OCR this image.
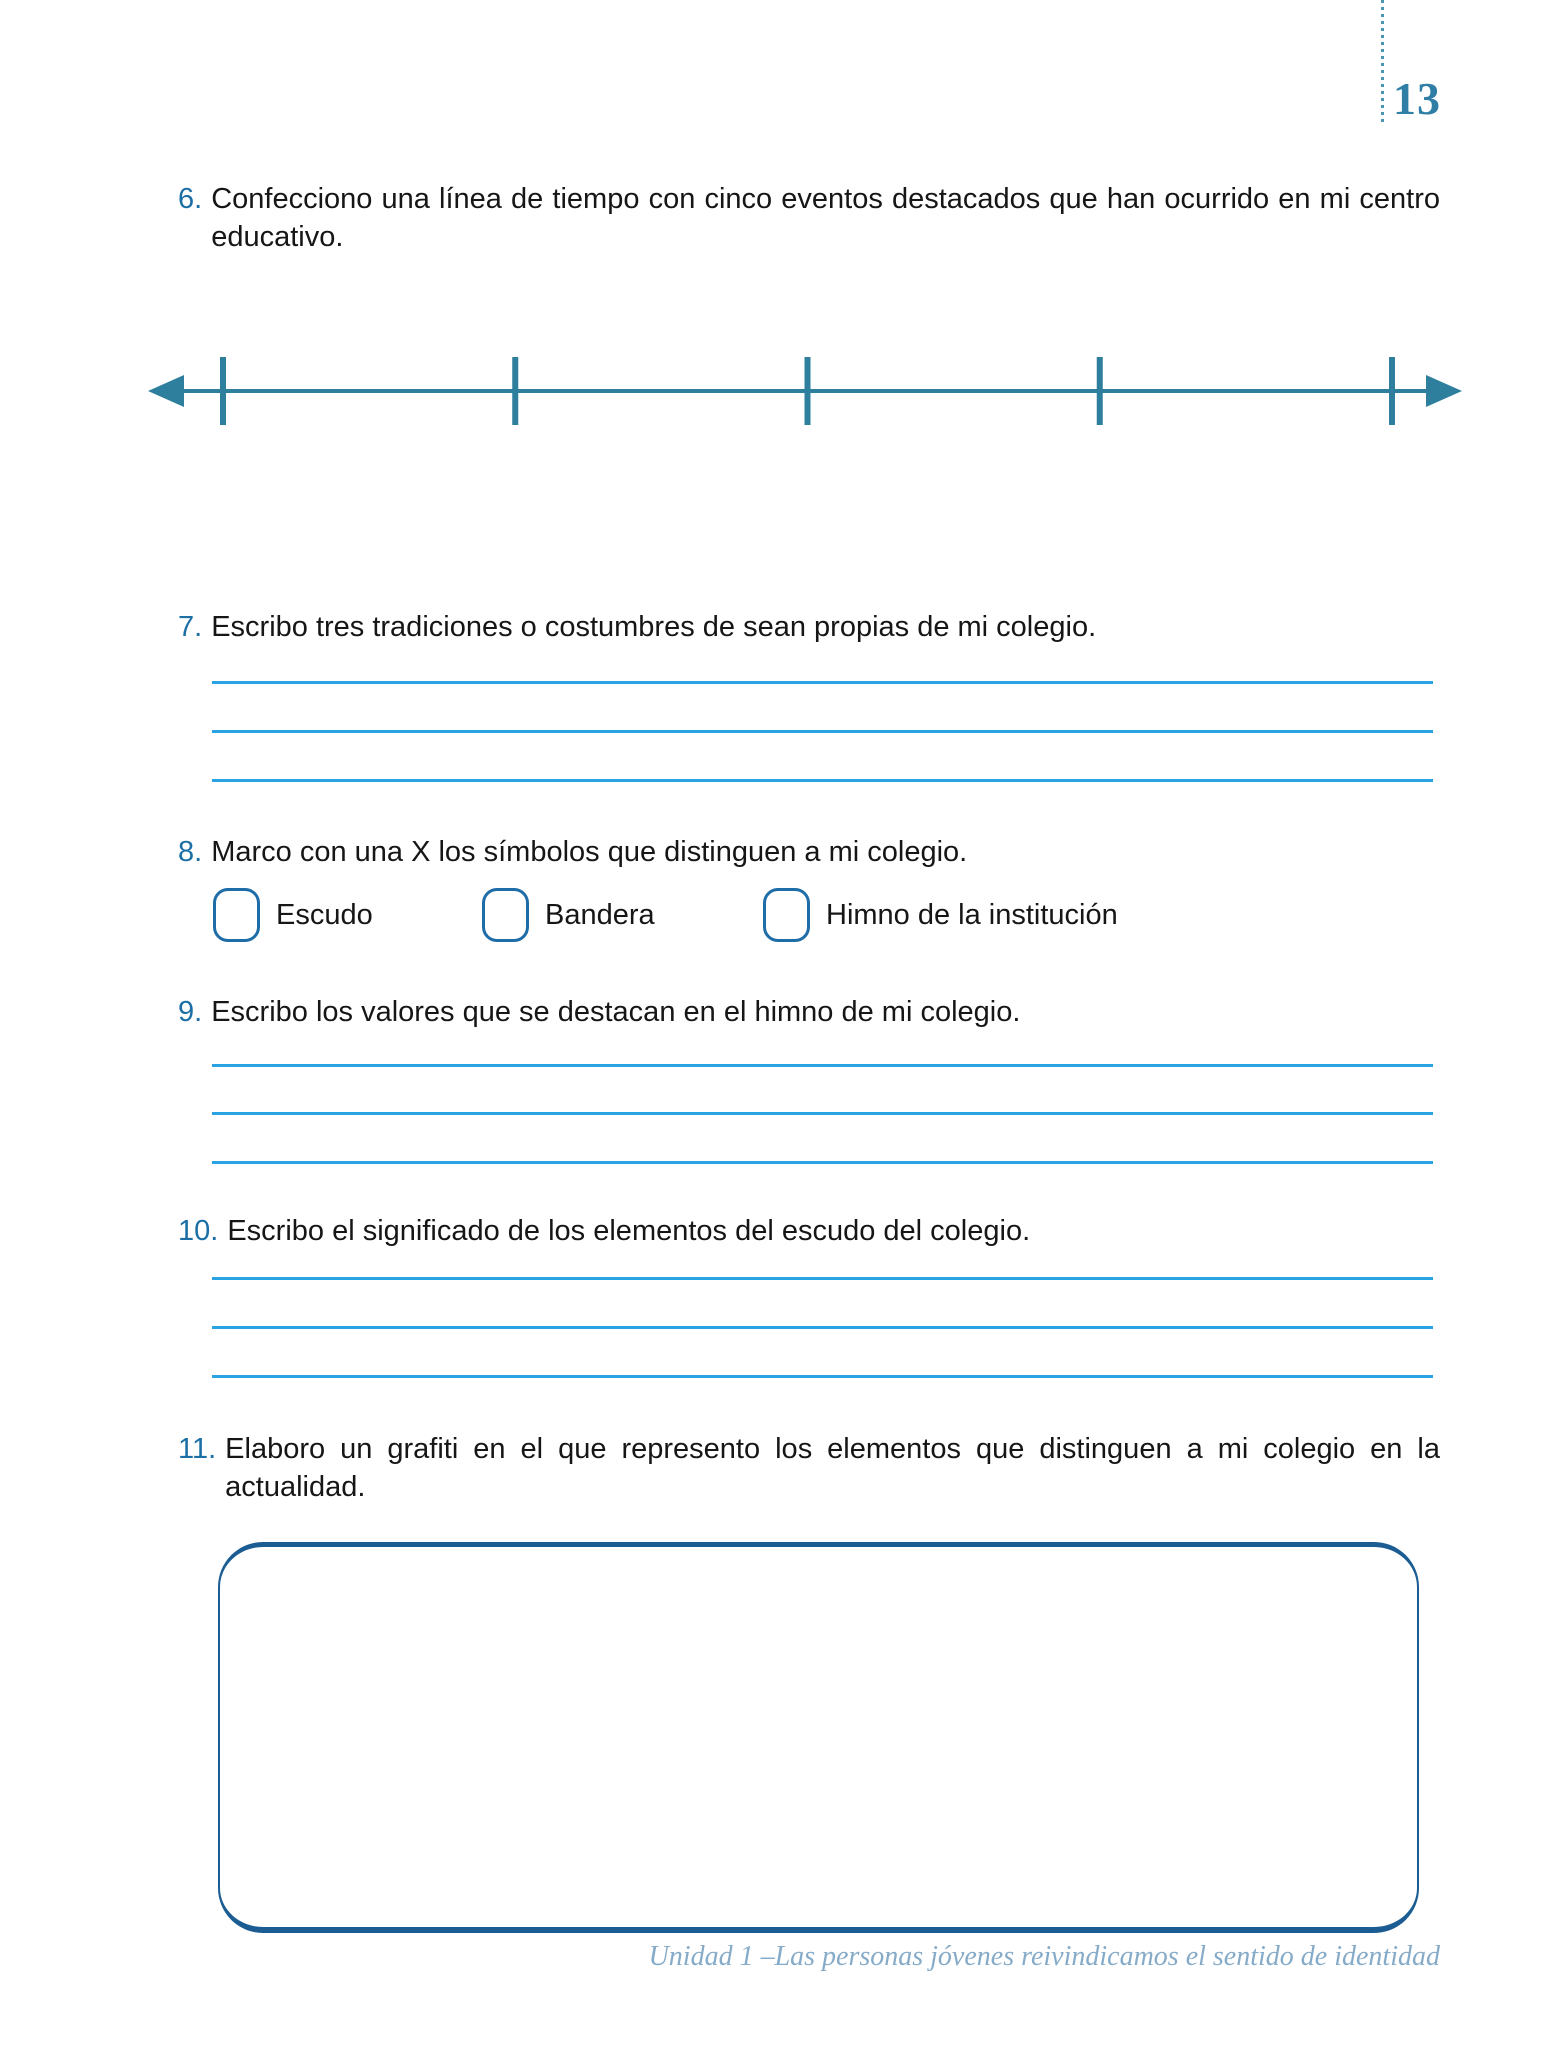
13
6. Confecciono una línea de tiempo con cinco eventos destacados que han ocurrido en mi centro educativo.
7. Escribo tres tradiciones o costumbres de sean propias de mi colegio.
8. Marco con una X los símbolos que distinguen a mi colegio.
Escudo	Bandera	Himno de la institución
9. Escribo los valores que se destacan en el himno de mi colegio.
10. Escribo el significado de los elementos del escudo del colegio.
11. Elaboro un grafiti en el que represento los elementos que distinguen a mi colegio en la actualidad.
Unidad 1 –Las personas jóvenes reivindicamos el sentido de identidad
